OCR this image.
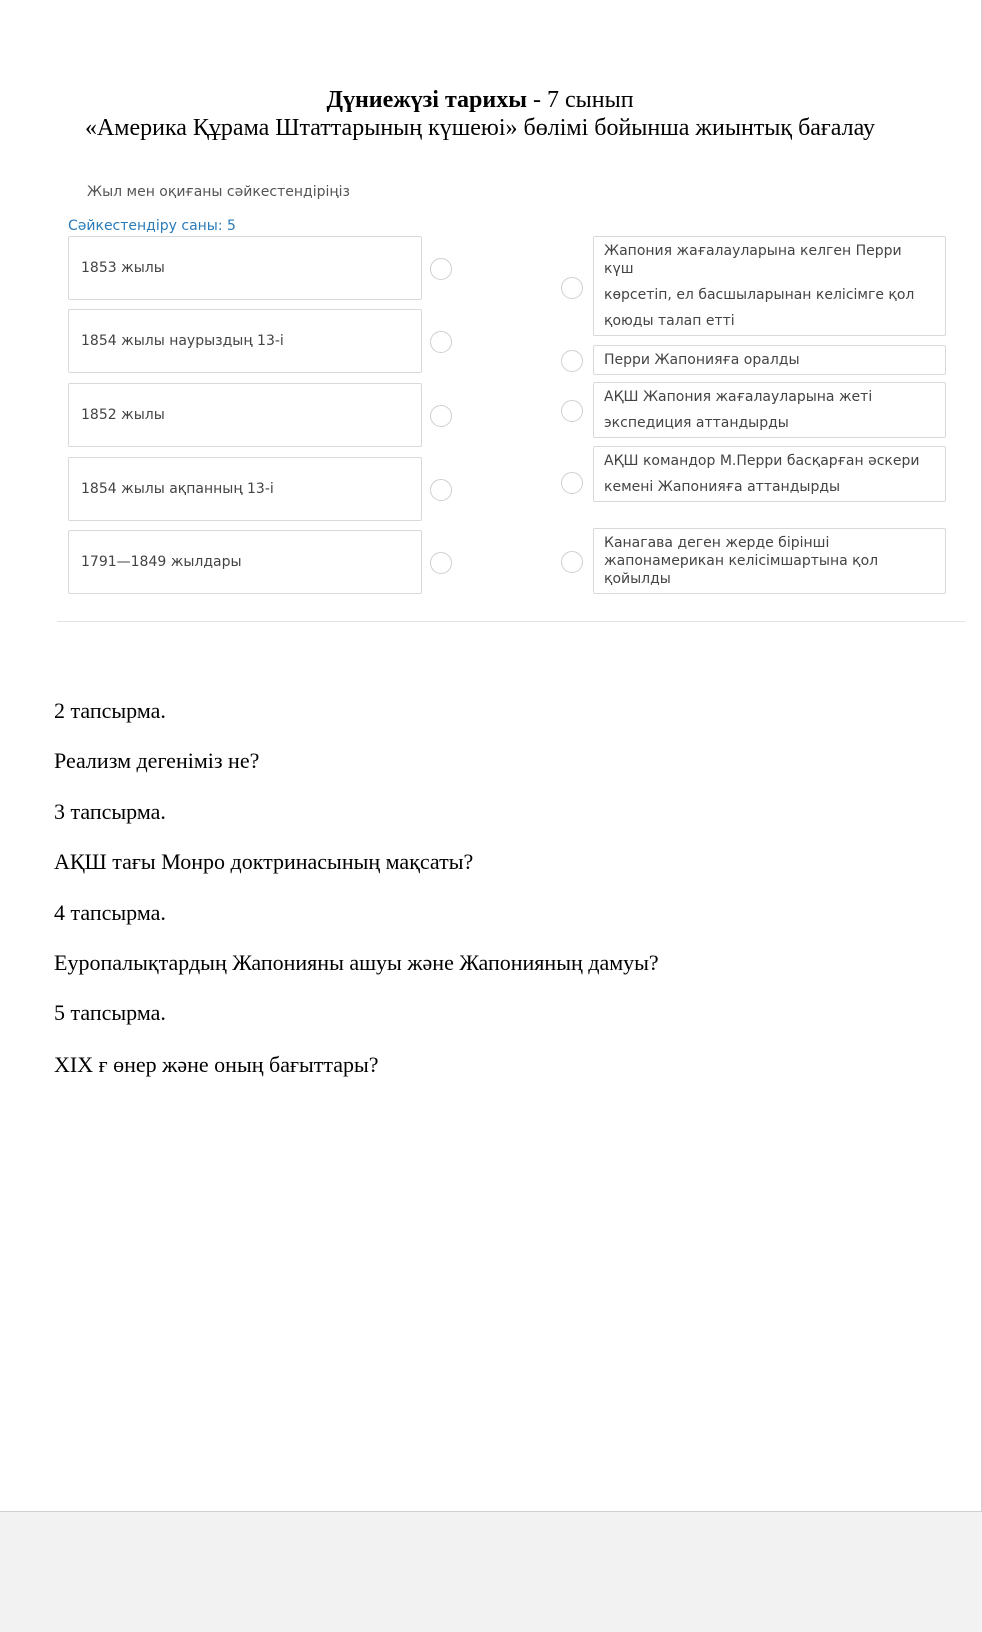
Дүниежүзі тарихы - 7 сынып
«Америка Құрама Штаттарының күшеюі» бөлімі бойынша жиынтық бағалау
Жыл мен оқиғаны сәйкестендіріңіз
Сәйкестендіру саны: 5
1853 жылы
1854 жылы наурыздың 13-і
1852 жылы
1854 жылы ақпанның 13-і
1791—1849 жылдары
Жапония жағалауларына келген Перри күш
көрсетіп, ел басшыларынан келісімге қол
қоюды талап етті
Перри Жапонияға оралды
АҚШ Жапония жағалауларына жеті
экспедиция аттандырды
АҚШ командор М.Перри басқарған әскери
кемені Жапонияға аттандырды
Канагава деген жерде бірінші
жапонамерикан келісімшартына қол
қойылды
2 тапсырма.
Реализм дегеніміз не?
3 тапсырма.
АҚШ тағы Монро доктринасының мақсаты?
4 тапсырма.
Еуропалықтардың Жапонияны ашуы және Жапонияның дамуы?
5 тапсырма.
XIX ғ өнер және оның бағыттары?
